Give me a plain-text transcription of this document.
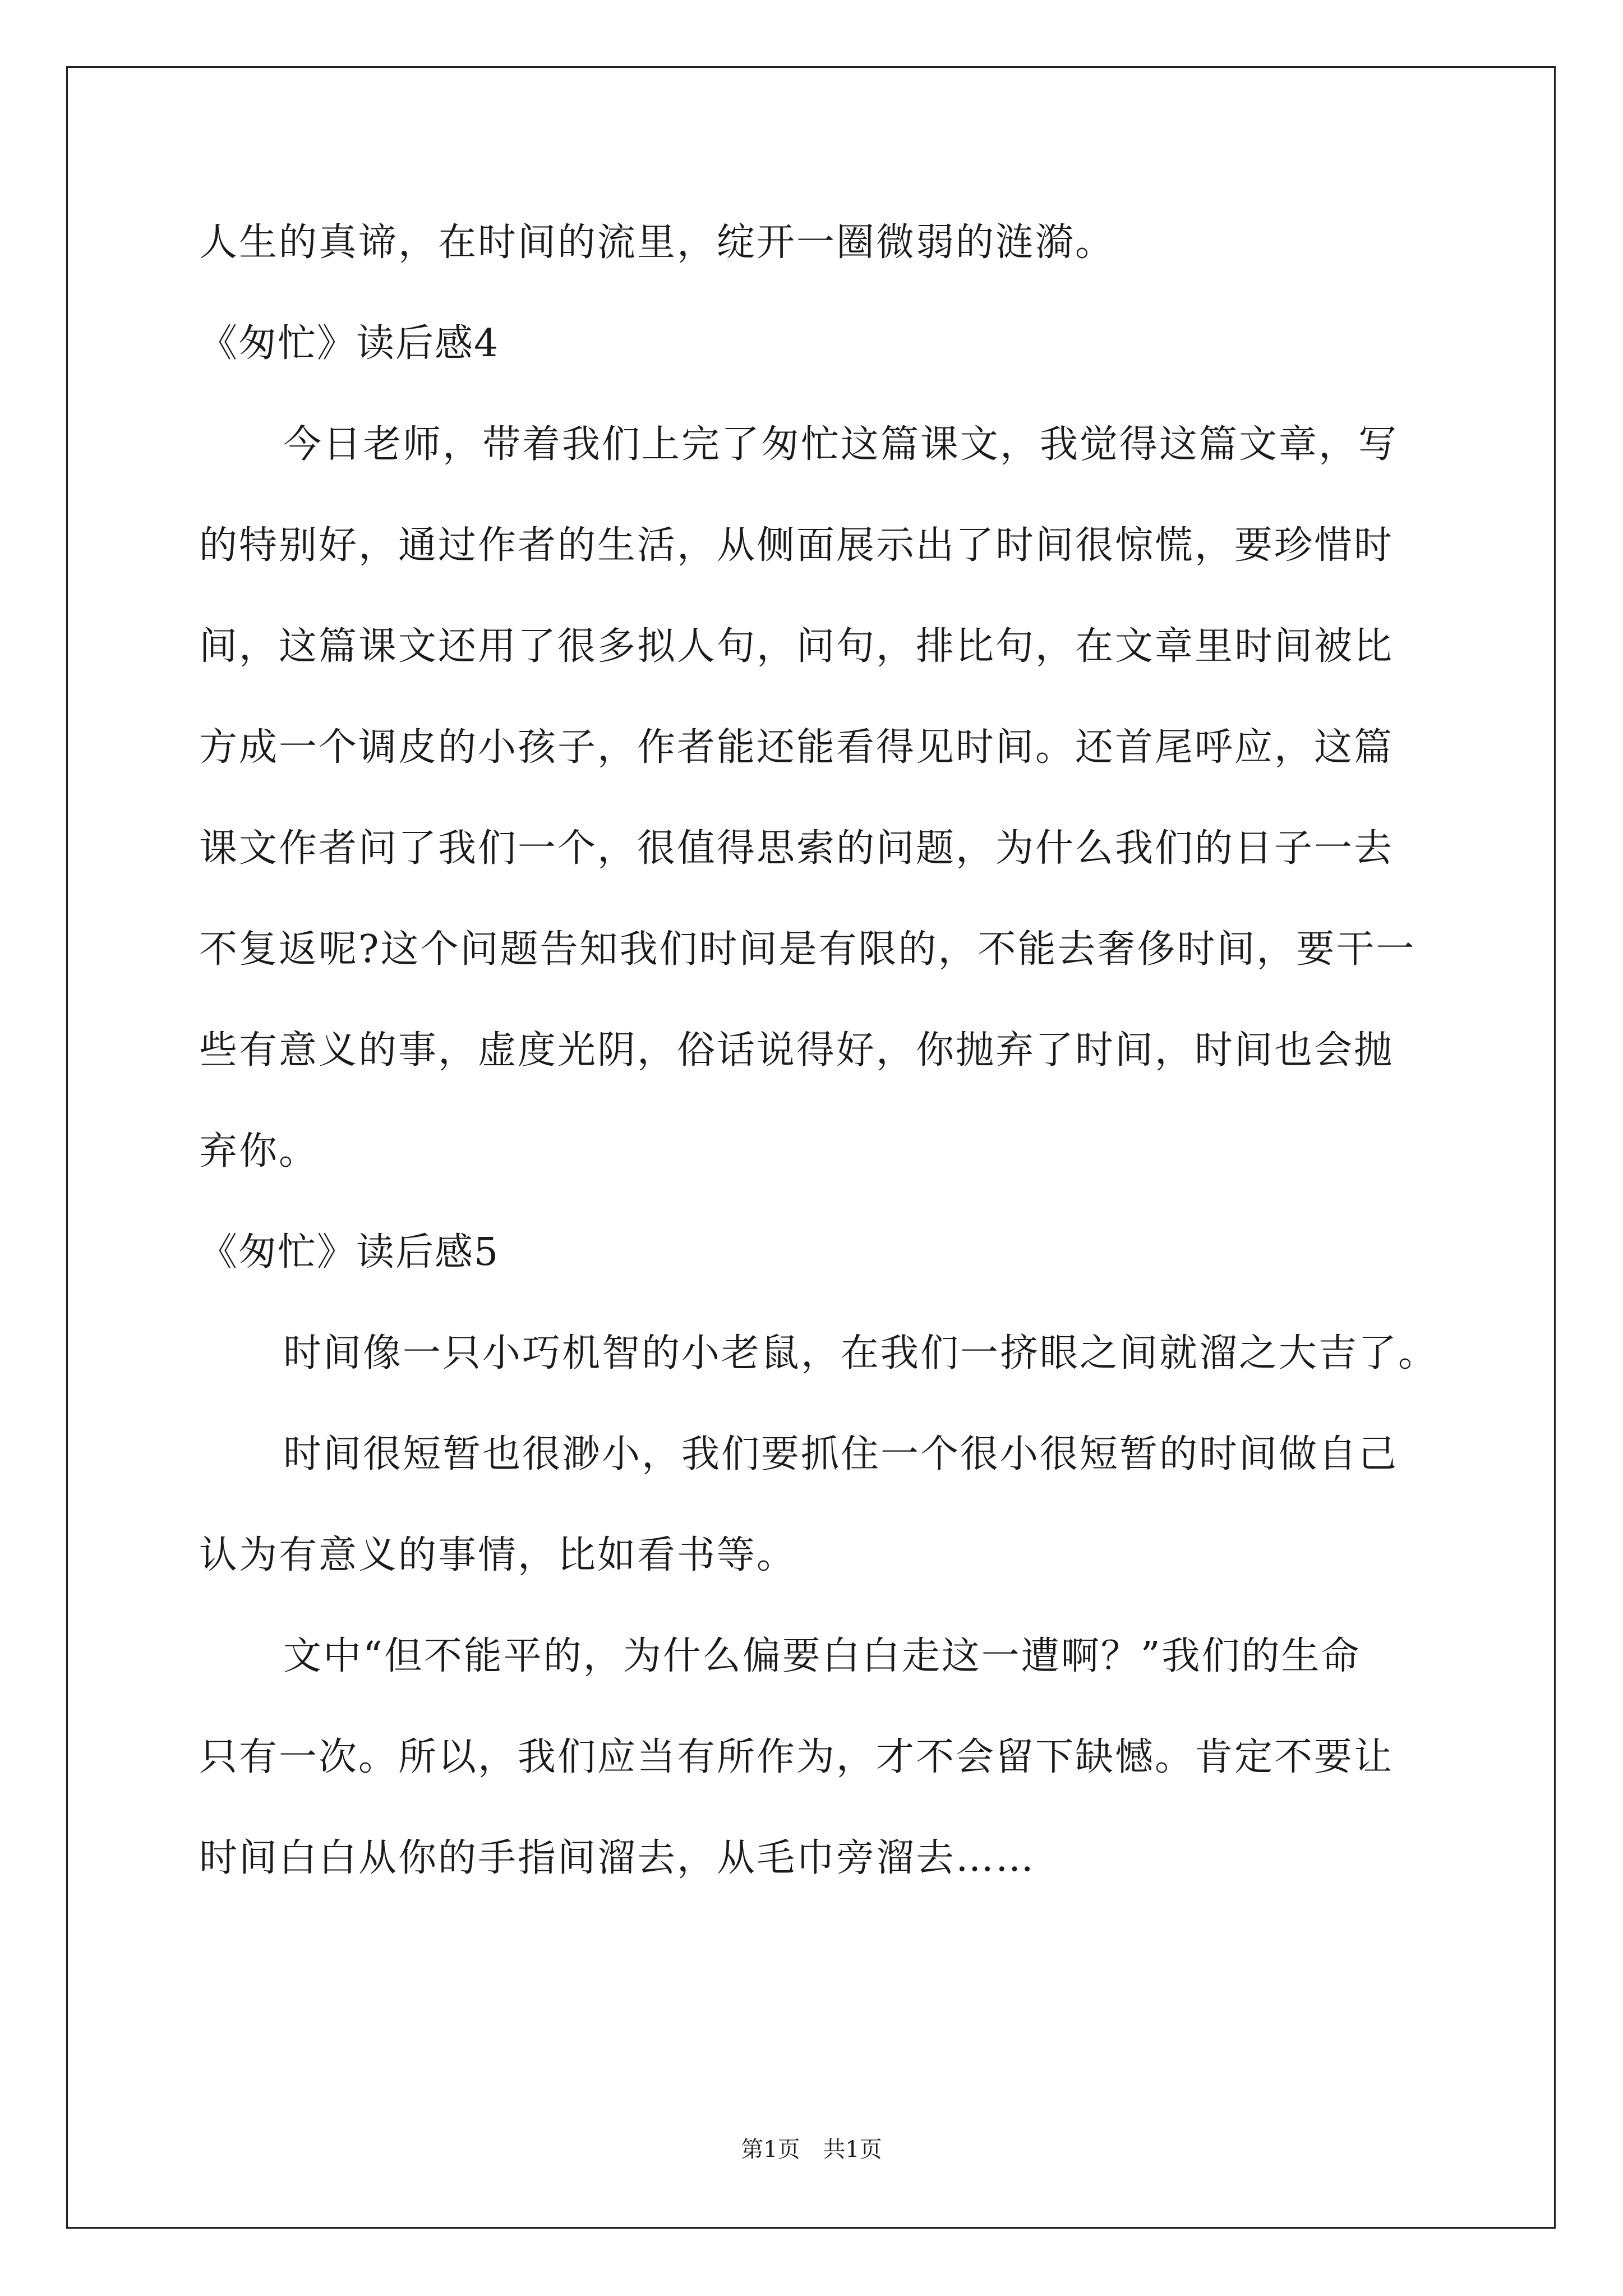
人生的真谛，在时间的流里，绽开一圈微弱的涟漪。
《匆忙》读后感4
今日老师，带着我们上完了匆忙这篇课文，我觉得这篇文章，写
的特别好，通过作者的生活，从侧面展示出了时间很惊慌，要珍惜时
间，这篇课文还用了很多拟人句，问句，排比句，在文章里时间被比
方成一个调皮的小孩子，作者能还能看得见时间。还首尾呼应，这篇
课文作者问了我们一个，很值得思索的问题，为什么我们的日子一去
不复返呢?这个问题告知我们时间是有限的，不能去奢侈时间，要干一
些有意义的事，虚度光阴，俗话说得好，你抛弃了时间，时间也会抛
弃你。
《匆忙》读后感5
时间像一只小巧机智的小老鼠，在我们一挤眼之间就溜之大吉了。
时间很短暂也很渺小，我们要抓住一个很小很短暂的时间做自己
认为有意义的事情，比如看书等。
文中“但不能平的，为什么偏要白白走这一遭啊？”我们的生命
只有一次。所以，我们应当有所作为，才不会留下缺憾。肯定不要让
时间白白从你的手指间溜去，从毛巾旁溜去……
第1页 共1页
